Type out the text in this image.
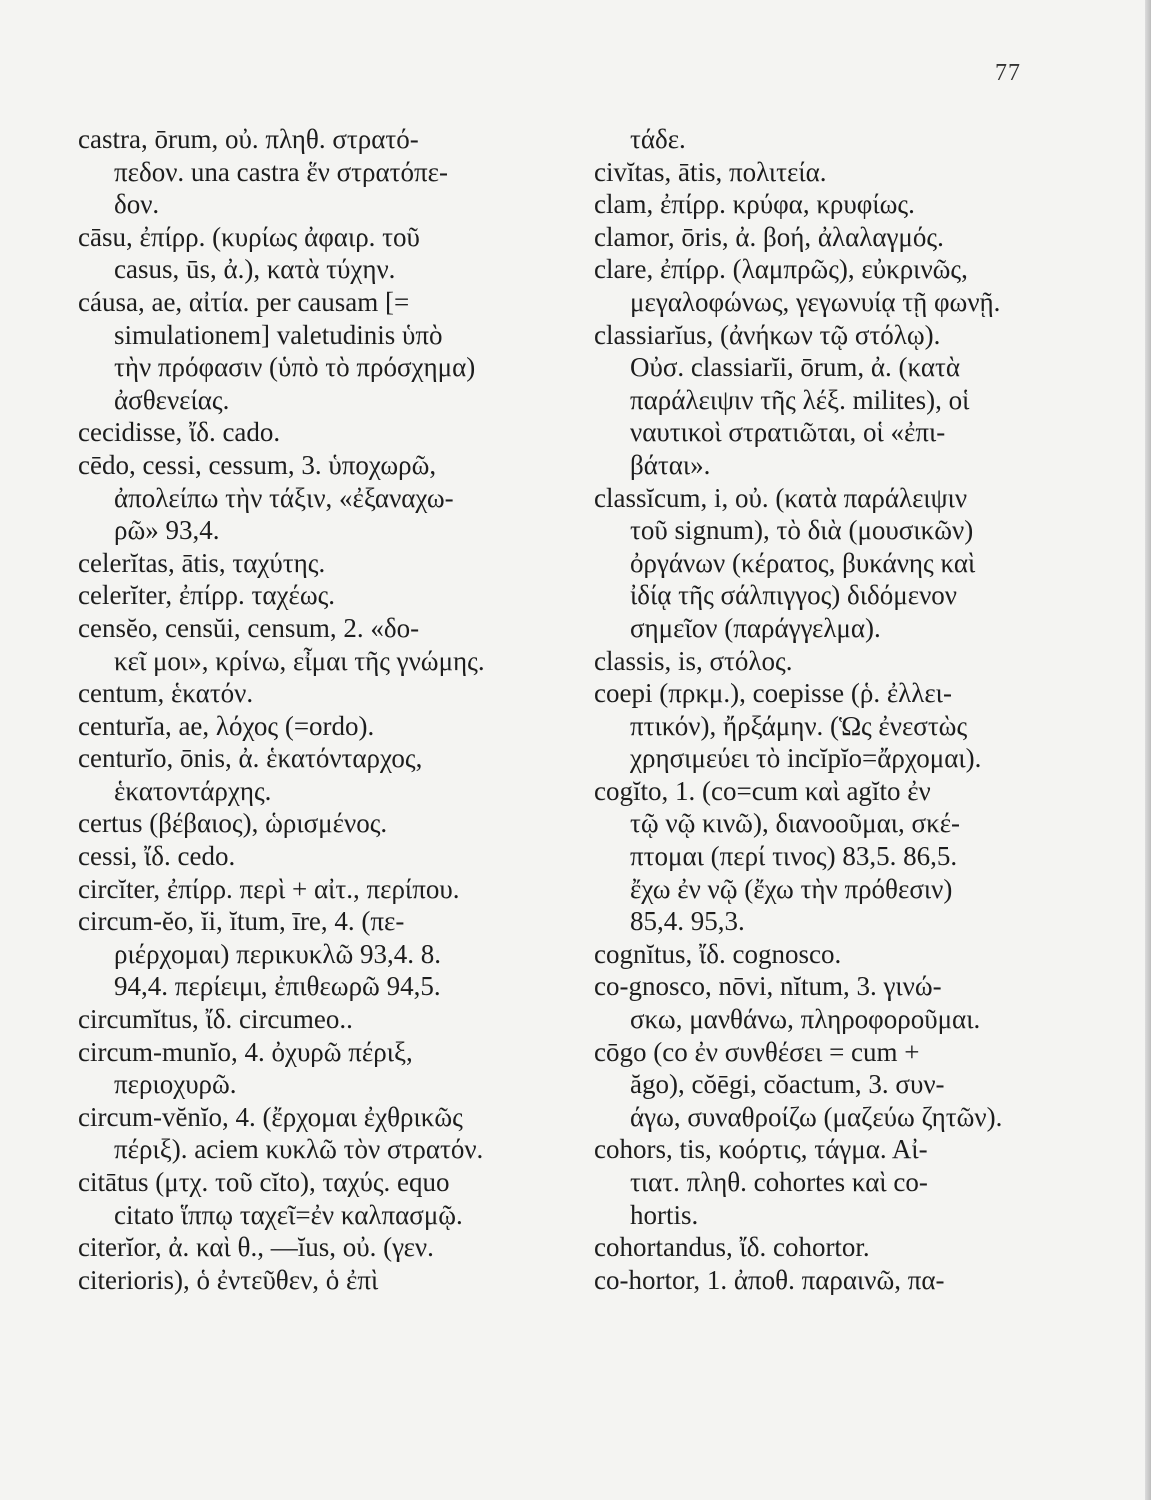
77
castra, ōrum, οὐ. πληθ. στρατό-
πεδον. una castra ἕν στρατόπε-
δον.
cāsu, ἐπίρρ. (κυρίως ἀφαιρ. τοῦ
casus, ūs, ἀ.), κατὰ τύχην.
cáusa, ae, αἰτία. per causam [=
simulationem] valetudinis ὑπὸ
τὴν πρόφασιν (ὑπὸ τὸ πρόσχημα)
ἀσθενείας.
cecidisse, ἴδ. cado.
cēdo, cessi, cessum, 3. ὑποχωρῶ,
ἀπολείπω τὴν τάξιν, «ἐξαναχω-
ρῶ» 93,4.
celerĭtas, ātis, ταχύτης.
celerĭter, ἐπίρρ. ταχέως.
censĕo, censŭi, censum, 2. «δο-
κεῖ μοι», κρίνω, εἶμαι τῆς γνώμης.
centum, ἑκατόν.
centurĭa, ae, λόχος (=ordo).
centurĭo, ōnis, ἀ. ἑκατόνταρχος,
ἑκατοντάρχης.
certus (βέβαιος), ὡρισμένος.
cessi, ἴδ. cedo.
circĭter, ἐπίρρ. περὶ + αἰτ., περίπου.
circum-ĕo, ĭi, ĭtum, īre, 4. (πε-
ριέρχομαι) περικυκλῶ 93,4. 8.
94,4. περίειμι, ἐπιθεωρῶ 94,5.
circumĭtus, ἴδ. circumeo..
circum-munĭo, 4. ὀχυρῶ πέριξ,
περιοχυρῶ.
circum-vĕnĭo, 4. (ἔρχομαι ἐχθρικῶς
πέριξ). aciem κυκλῶ τὸν στρατόν.
citātus (μτχ. τοῦ cĭto), ταχύς. equo
citato ἵππῳ ταχεῖ=ἐν καλπασμῷ.
citerĭor, ἀ. καὶ θ., —ĭus, οὐ. (γεν.
citerioris), ὁ ἐντεῦθεν, ὁ ἐπὶ
τάδε.
civĭtas, ātis, πολιτεία.
clam, ἐπίρρ. κρύφα, κρυφίως.
clamor, ōris, ἀ. βοή, ἀλαλαγμός.
clare, ἐπίρρ. (λαμπρῶς), εὐκρινῶς,
μεγαλοφώνως, γεγωνυίᾳ τῇ φωνῇ.
classiarĭus, (ἀνήκων τῷ στόλῳ).
Οὐσ. classiarĭi, ōrum, ἀ. (κατὰ
παράλειψιν τῆς λέξ. milites), οἱ
ναυτικοὶ στρατιῶται, οἱ «ἐπι-
βάται».
classĭcum, i, οὐ. (κατὰ παράλειψιν
τοῦ signum), τὸ διὰ (μουσικῶν)
ὀργάνων (κέρατος, βυκάνης καὶ
ἰδίᾳ τῆς σάλπιγγος) διδόμενον
σημεῖον (παράγγελμα).
classis, is, στόλος.
coepi (πρκμ.), coepisse (ῥ. ἐλλει-
πτικόν), ἤρξάμην. (Ὡς ἐνεστὼς
χρησιμεύει τὸ incĭpĭo=ἄρχομαι).
cogĭto, 1. (co=cum καὶ agĭto ἐν
τῷ νῷ κινῶ), διανοοῦμαι, σκέ-
πτομαι (περί τινος) 83,5. 86,5.
ἔχω ἐν νῷ (ἔχω τὴν πρόθεσιν)
85,4. 95,3.
cognĭtus, ἴδ. cognosco.
co-gnosco, nōvi, nĭtum, 3. γινώ-
σκω, μανθάνω, πληροφοροῦμαι.
cōgo (co ἐν συνθέσει = cum +
ăgo), cŏēgi, cŏactum, 3. συν-
άγω, συναθροίζω (μαζεύω ζητῶν).
cohors, tis, κοόρτις, τάγμα. Αἰ-
τιατ. πληθ. cohortes καὶ co-
hortis.
cohortandus, ἴδ. cohortor.
co-hortor, 1. ἀποθ. παραινῶ, πα-
